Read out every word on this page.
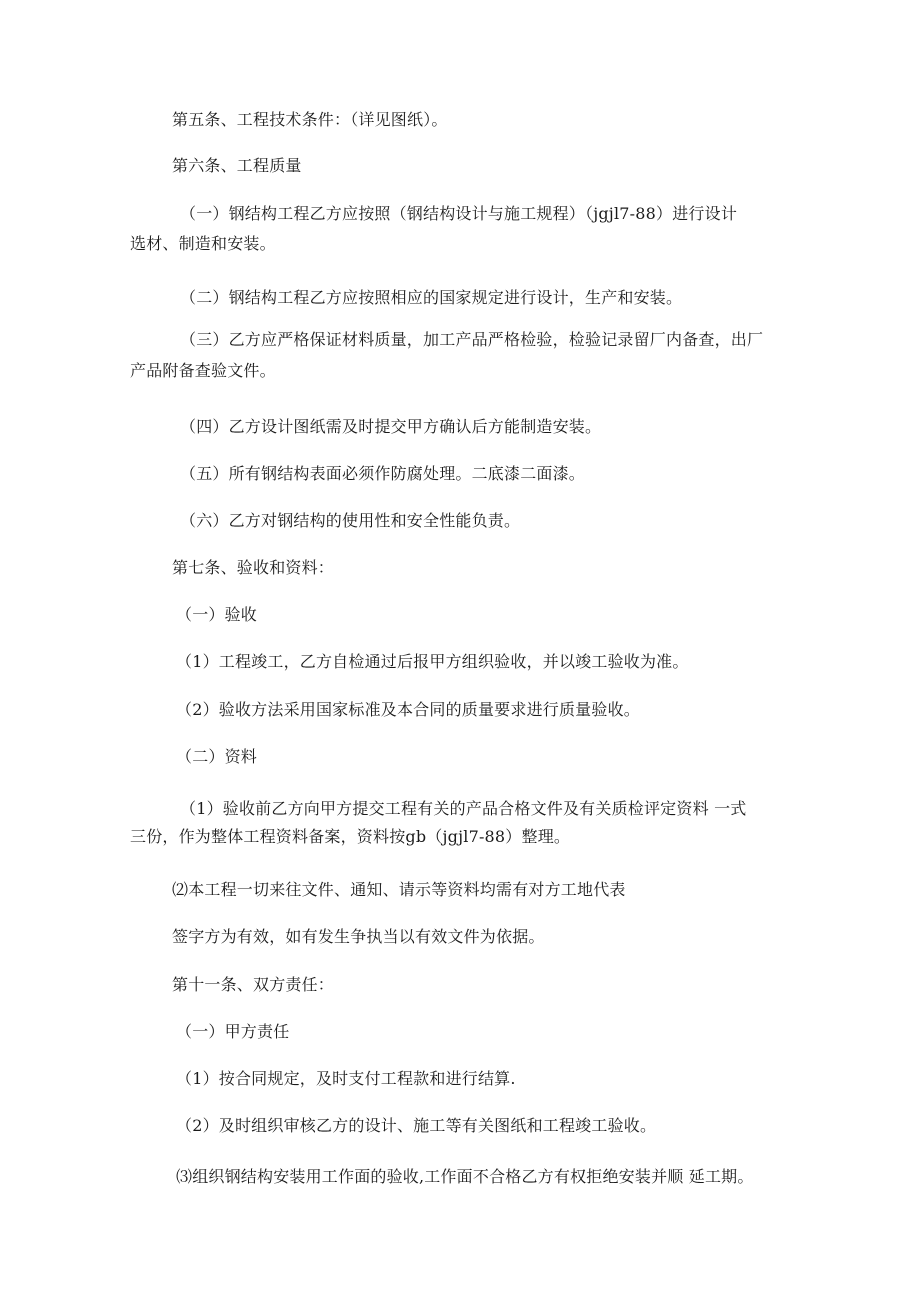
第五条、工程技术条件：（详见图纸）。
第六条、工程质量
（一）钢结构工程乙方应按照（钢结构设计与施工规程）（jgjl7-88）进行设计
选材、制造和安装。
（二）钢结构工程乙方应按照相应的国家规定进行设计，生产和安装。
（三）乙方应严格保证材料质量，加工产品严格检验，检验记录留厂内备查，出厂
产品附备查验文件。
（四）乙方设计图纸需及时提交甲方确认后方能制造安装。
（五）所有钢结构表面必须作防腐处理。二底漆二面漆。
（六）乙方对钢结构的使用性和安全性能负责。
第七条、验收和资料：
（一）验收
（1）工程竣工，乙方自检通过后报甲方组织验收，并以竣工验收为准。
（2）验收方法采用国家标准及本合同的质量要求进行质量验收。
（二）资料
（1）验收前乙方向甲方提交工程有关的产品合格文件及有关质检评定资料 一式
三份，作为整体工程资料备案，资料按gb（jgjl7-88）整理。
⑵本工程一切来往文件、通知、请示等资料均需有对方工地代表
签字方为有效，如有发生争执当以有效文件为依据。
第十一条、双方责任：
（一）甲方责任
（1）按合同规定，及时支付工程款和进行结算.
（2）及时组织审核乙方的设计、施工等有关图纸和工程竣工验收。
⑶组织钢结构安装用工作面的验收,工作面不合格乙方有权拒绝安装并顺 延工期。
